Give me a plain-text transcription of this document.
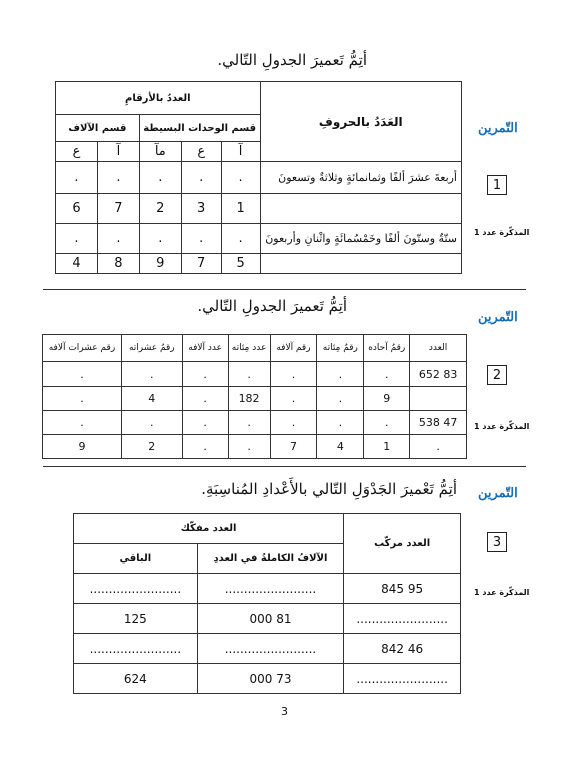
أتِمُّ تَعميرَ الجدولِ التّالي.
التّمرين
1
المذكّرة عدد 1
العَدَدُ بالحروفِ	العددُ بالأرقامِ				
	قسم الوحدات البسيطة			قسم الآلاف	
	آ	ع	مآ	آ	ع
أربعةَ عشرَ ألفًا وثمانمائةٍ وثلاثةٌ وتسعونَ	.	.	.	.	.
	1	3	2	7	6
ستّةٌ وستّونَ ألفًا وخَمْسُمائَةٍ واثْنانِ وأربعونَ	.	.	.	.	.
	5	7	9	8	4
أتِمُّ تَعميرَ الجدولِ التّالي.
التّمرين
2
المذكّرة عدد 1
العدد	رقمُ آحاده	رقمُ مِئاته	رقم آلافه	عدد مِئاته	عدد آلافه	رقمُ عشراته	رقم عشرات آلافه
83 652	.	.	.	.	.	.	.
	9	.	.	182	.	4	.
47 538	.	.	.	.	.	.	.
.	1	4	7	.	.	2	9
أتِمُّ تَعْميرَ الجَدْوَلِ التّالي بالأَعْدادِ المُناسِبَةِ. التّمرين
3
المذكّرة عدد 1
العدد مركّب	العدد مفكّك	
	الآلافُ الكاملةُ في العددِ	الباقي
95 845	........................	........................
........................	81 000	125
46 842	........................	........................
........................	73 000	624
3
